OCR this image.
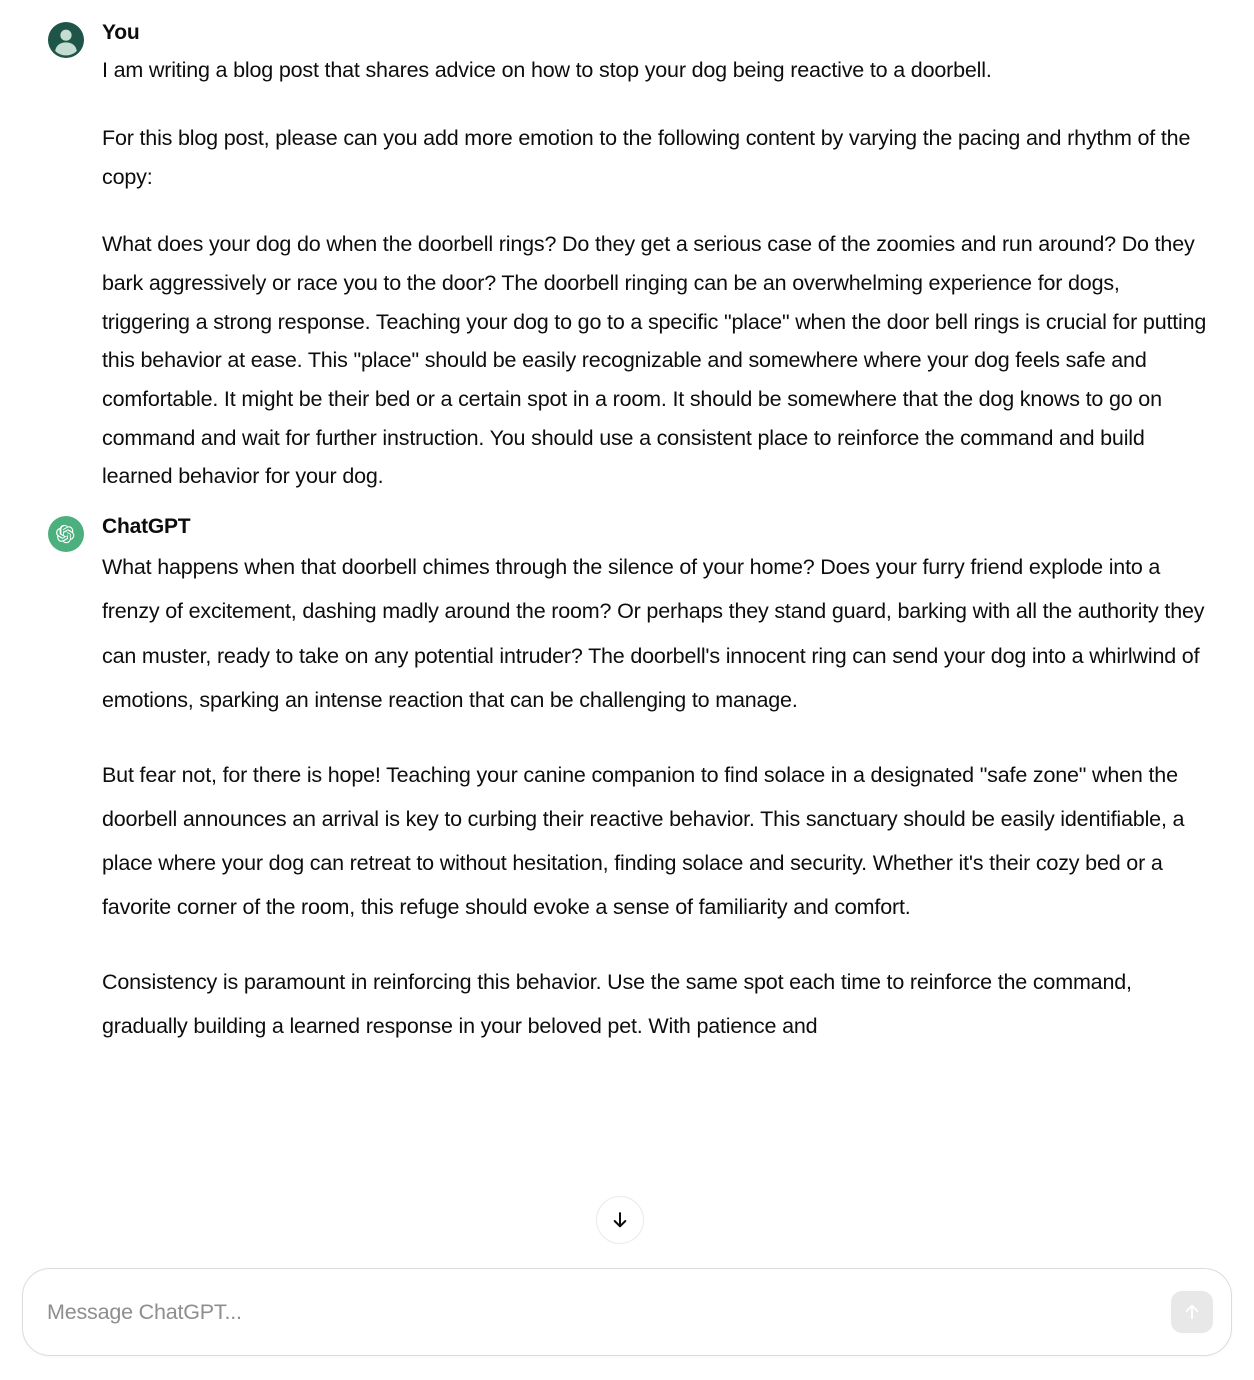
You

I am writing a blog post that shares advice on how to stop your dog being reactive to a doorbell.

For this blog post, please can you add more emotion to the following content by varying the pacing and rhythm of the copy:

What does your dog do when the doorbell rings? Do they get a serious case of the zoomies and run around? Do they bark aggressively or race you to the door? The doorbell ringing can be an overwhelming experience for dogs, triggering a strong response. Teaching your dog to go to a specific "place" when the door bell rings is crucial for putting this behavior at ease. This "place" should be easily recognizable and somewhere where your dog feels safe and comfortable. It might be their bed or a certain spot in a room. It should be somewhere that the dog knows to go on command and wait for further instruction. You should use a consistent place to reinforce the command and build learned behavior for your dog.

ChatGPT

What happens when that doorbell chimes through the silence of your home? Does your furry friend explode into a frenzy of excitement, dashing madly around the room? Or perhaps they stand guard, barking with all the authority they can muster, ready to take on any potential intruder? The doorbell's innocent ring can send your dog into a whirlwind of emotions, sparking an intense reaction that can be challenging to manage.

But fear not, for there is hope! Teaching your canine companion to find solace in a designated "safe zone" when the doorbell announces an arrival is key to curbing their reactive behavior. This sanctuary should be easily identifiable, a place where your dog can retreat to without hesitation, finding solace and security. Whether it's their cozy bed or a favorite corner of the room, this refuge should evoke a sense of familiarity and comfort.

Consistency is paramount in reinforcing this behavior. Use the same spot each time to reinforce the command, gradually building a learned response in your beloved pet. With patience and

Message ChatGPT...
